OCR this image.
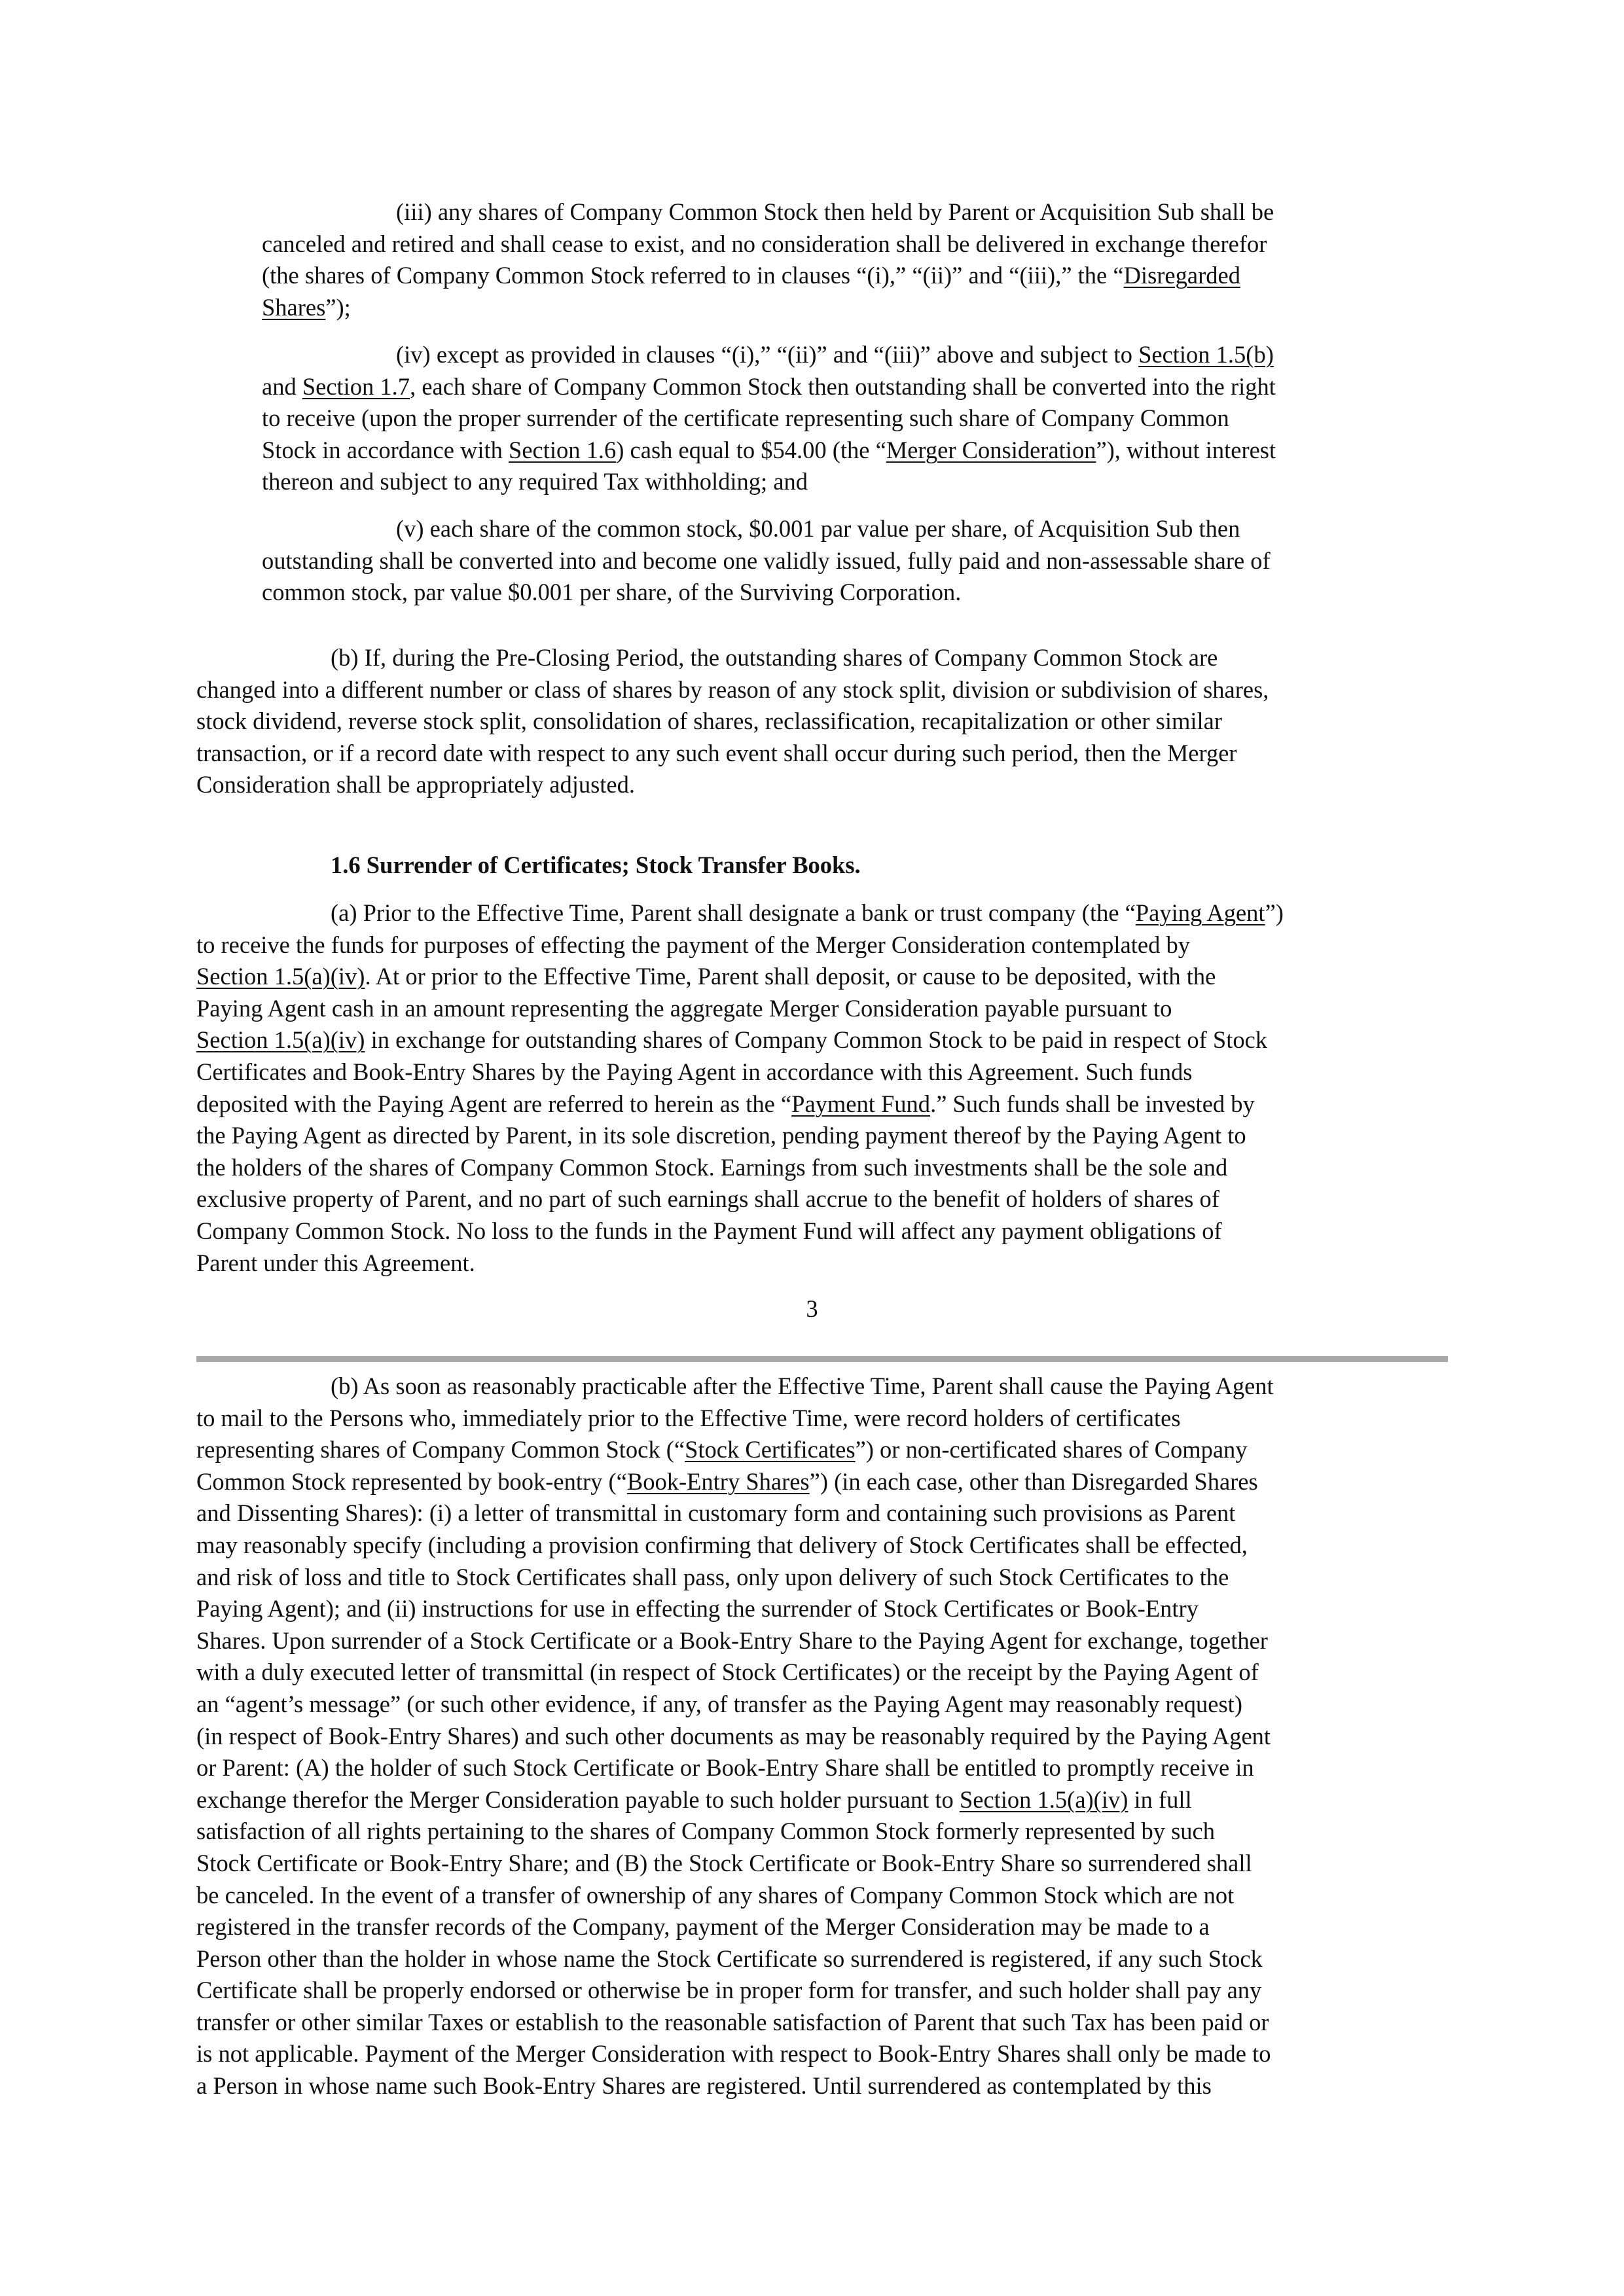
(iii) any shares of Company Common Stock then held by Parent or Acquisition Sub shall be
canceled and retired and shall cease to exist, and no consideration shall be delivered in exchange therefor
(the shares of Company Common Stock referred to in clauses “(i),” “(ii)” and “(iii),” the “Disregarded
Shares”);
(iv) except as provided in clauses “(i),” “(ii)” and “(iii)” above and subject to Section 1.5(b)
and Section 1.7, each share of Company Common Stock then outstanding shall be converted into the right
to receive (upon the proper surrender of the certificate representing such share of Company Common
Stock in accordance with Section 1.6) cash equal to $54.00 (the “Merger Consideration”), without interest
thereon and subject to any required Tax withholding; and
(v) each share of the common stock, $0.001 par value per share, of Acquisition Sub then
outstanding shall be converted into and become one validly issued, fully paid and non-assessable share of
common stock, par value $0.001 per share, of the Surviving Corporation.
(b) If, during the Pre-Closing Period, the outstanding shares of Company Common Stock are
changed into a different number or class of shares by reason of any stock split, division or subdivision of shares,
stock dividend, reverse stock split, consolidation of shares, reclassification, recapitalization or other similar
transaction, or if a record date with respect to any such event shall occur during such period, then the Merger
Consideration shall be appropriately adjusted.
1.6 Surrender of Certificates; Stock Transfer Books.
(a) Prior to the Effective Time, Parent shall designate a bank or trust company (the “Paying Agent”)
to receive the funds for purposes of effecting the payment of the Merger Consideration contemplated by
Section 1.5(a)(iv). At or prior to the Effective Time, Parent shall deposit, or cause to be deposited, with the
Paying Agent cash in an amount representing the aggregate Merger Consideration payable pursuant to
Section 1.5(a)(iv) in exchange for outstanding shares of Company Common Stock to be paid in respect of Stock
Certificates and Book-Entry Shares by the Paying Agent in accordance with this Agreement. Such funds
deposited with the Paying Agent are referred to herein as the “Payment Fund.” Such funds shall be invested by
the Paying Agent as directed by Parent, in its sole discretion, pending payment thereof by the Paying Agent to
the holders of the shares of Company Common Stock. Earnings from such investments shall be the sole and
exclusive property of Parent, and no part of such earnings shall accrue to the benefit of holders of shares of
Company Common Stock. No loss to the funds in the Payment Fund will affect any payment obligations of
Parent under this Agreement.
3
(b) As soon as reasonably practicable after the Effective Time, Parent shall cause the Paying Agent
to mail to the Persons who, immediately prior to the Effective Time, were record holders of certificates
representing shares of Company Common Stock (“Stock Certificates”) or non-certificated shares of Company
Common Stock represented by book-entry (“Book-Entry Shares”) (in each case, other than Disregarded Shares
and Dissenting Shares): (i) a letter of transmittal in customary form and containing such provisions as Parent
may reasonably specify (including a provision confirming that delivery of Stock Certificates shall be effected,
and risk of loss and title to Stock Certificates shall pass, only upon delivery of such Stock Certificates to the
Paying Agent); and (ii) instructions for use in effecting the surrender of Stock Certificates or Book-Entry
Shares. Upon surrender of a Stock Certificate or a Book-Entry Share to the Paying Agent for exchange, together
with a duly executed letter of transmittal (in respect of Stock Certificates) or the receipt by the Paying Agent of
an “agent’s message” (or such other evidence, if any, of transfer as the Paying Agent may reasonably request)
(in respect of Book-Entry Shares) and such other documents as may be reasonably required by the Paying Agent
or Parent: (A) the holder of such Stock Certificate or Book-Entry Share shall be entitled to promptly receive in
exchange therefor the Merger Consideration payable to such holder pursuant to Section 1.5(a)(iv) in full
satisfaction of all rights pertaining to the shares of Company Common Stock formerly represented by such
Stock Certificate or Book-Entry Share; and (B) the Stock Certificate or Book-Entry Share so surrendered shall
be canceled. In the event of a transfer of ownership of any shares of Company Common Stock which are not
registered in the transfer records of the Company, payment of the Merger Consideration may be made to a
Person other than the holder in whose name the Stock Certificate so surrendered is registered, if any such Stock
Certificate shall be properly endorsed or otherwise be in proper form for transfer, and such holder shall pay any
transfer or other similar Taxes or establish to the reasonable satisfaction of Parent that such Tax has been paid or
is not applicable. Payment of the Merger Consideration with respect to Book-Entry Shares shall only be made to
a Person in whose name such Book-Entry Shares are registered. Until surrendered as contemplated by this
